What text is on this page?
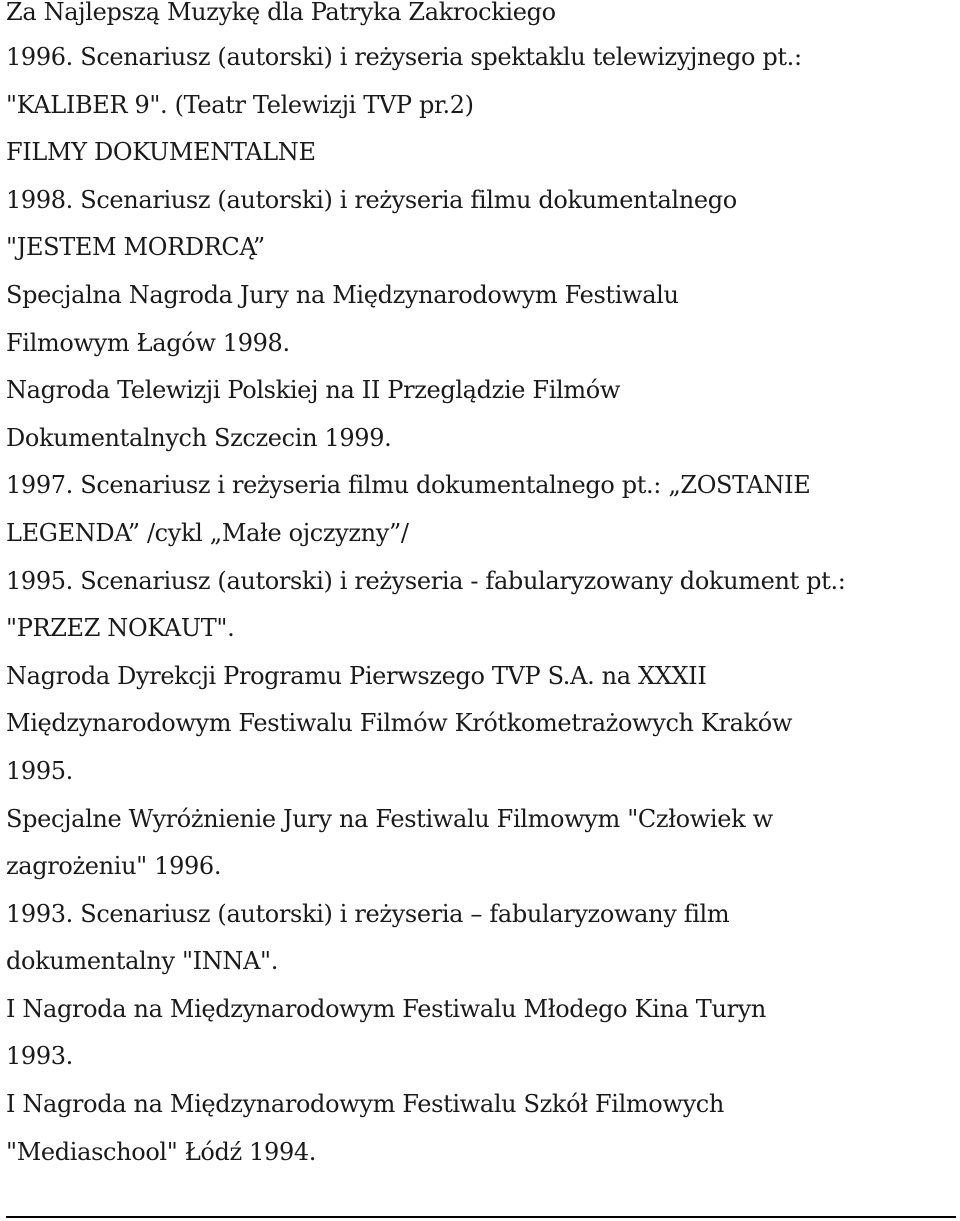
Za Najlepszą Muzykę dla Patryka Zakrockiego
1996. Scenariusz (autorski) i reżyseria spektaklu telewizyjnego pt.:
"KALIBER 9". (Teatr Telewizji TVP pr.2)
FILMY DOKUMENTALNE
1998. Scenariusz (autorski) i reżyseria filmu dokumentalnego
"JESTEM MORDRCĄ”
Specjalna Nagroda Jury na Międzynarodowym Festiwalu
Filmowym Łagów 1998.
Nagroda Telewizji Polskiej na II Przeglądzie Filmów
Dokumentalnych Szczecin 1999.
1997. Scenariusz i reżyseria filmu dokumentalnego pt.: „ZOSTANIE
LEGENDA” /cykl „Małe ojczyzny”/
1995. Scenariusz (autorski) i reżyseria - fabularyzowany dokument pt.:
"PRZEZ NOKAUT".
Nagroda Dyrekcji Programu Pierwszego TVP S.A. na XXXII
Międzynarodowym Festiwalu Filmów Krótkometrażowych Kraków
1995.
Specjalne Wyróżnienie Jury na Festiwalu Filmowym "Człowiek w
zagrożeniu" 1996.
1993. Scenariusz (autorski) i reżyseria – fabularyzowany film
dokumentalny "INNA".
I Nagroda na Międzynarodowym Festiwalu Młodego Kina Turyn
1993.
I Nagroda na Międzynarodowym Festiwalu Szkół Filmowych
"Mediaschool" Łódź 1994.
